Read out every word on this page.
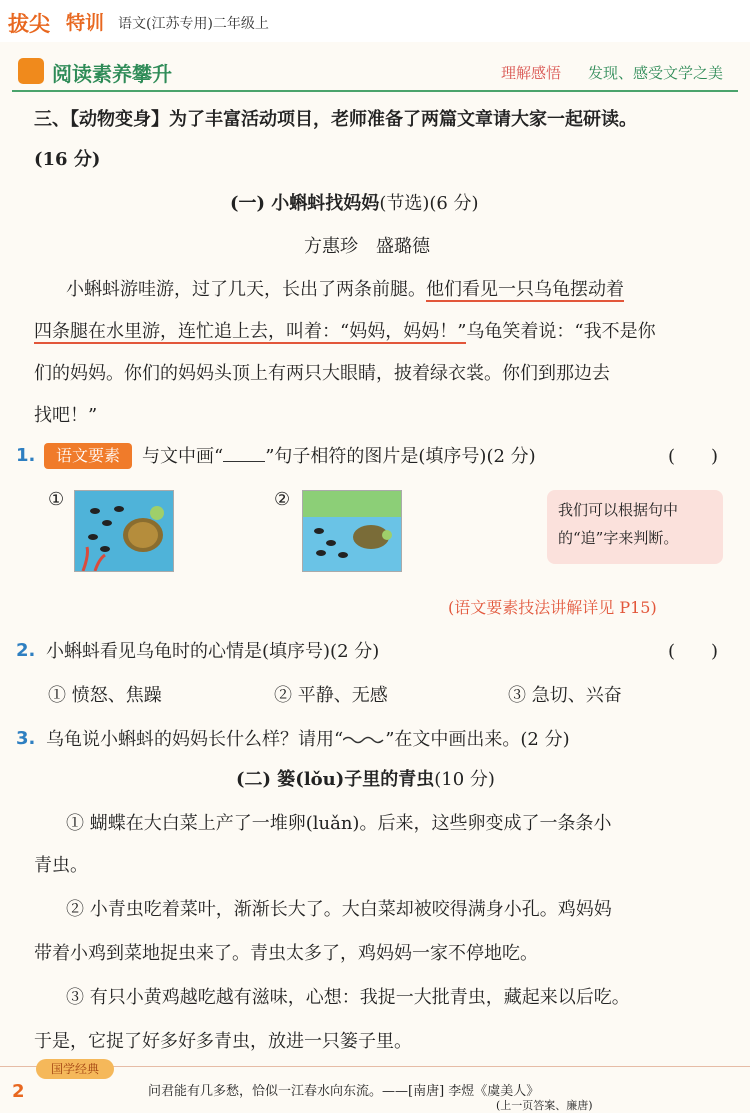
拔尖 特训 语文(江苏专用)二年级上
阅读素养攀升	理解感悟 发现、感受文学之美
三、【动物变身】为了丰富活动项目，老师准备了两篇文章请大家一起研读。
(16 分)
(一) 小蝌蚪找妈妈(节选)(6 分)
方惠珍　盛璐德
小蝌蚪游哇游，过了几天，长出了两条前腿。他们看见一只乌龟摆动着
四条腿在水里游，连忙追上去，叫着：“妈妈，妈妈！”乌龟笑着说：“我不是你
们的妈妈。你们的妈妈头顶上有两只大眼睛，披着绿衣裳。你们到那边去
找吧！”
1.	语文要素	与文中画“ ”句子相符的图片是(填序号)(2 分)	(　　)
①	②	我们可以根据句中
的“追”字来判断。
(语文要素技法讲解详见 P15)
2. 小蝌蚪看见乌龟时的心情是(填序号)(2 分)	(　　)
① 愤怒、焦躁	② 平静、无感	③ 急切、兴奋
3. 乌龟说小蝌蚪的妈妈长什么样？请用“ ”在文中画出来。(2 分)
(二) 篓(lǒu)子里的青虫(10 分)
① 蝴蝶在大白菜上产了一堆卵(luǎn)。后来，这些卵变成了一条条小
青虫。
② 小青虫吃着菜叶，渐渐长大了。大白菜却被咬得满身小孔。鸡妈妈
带着小鸡到菜地捉虫来了。青虫太多了，鸡妈妈一家不停地吃。
③ 有只小黄鸡越吃越有滋味，心想：我捉一大批青虫，藏起来以后吃。
于是，它捉了好多好多青虫，放进一只篓子里。
国学经典
2	问君能有几多愁，恰似一江春水向东流。——[南唐] 李煜《虞美人》
(上一页答案、廉唐)
